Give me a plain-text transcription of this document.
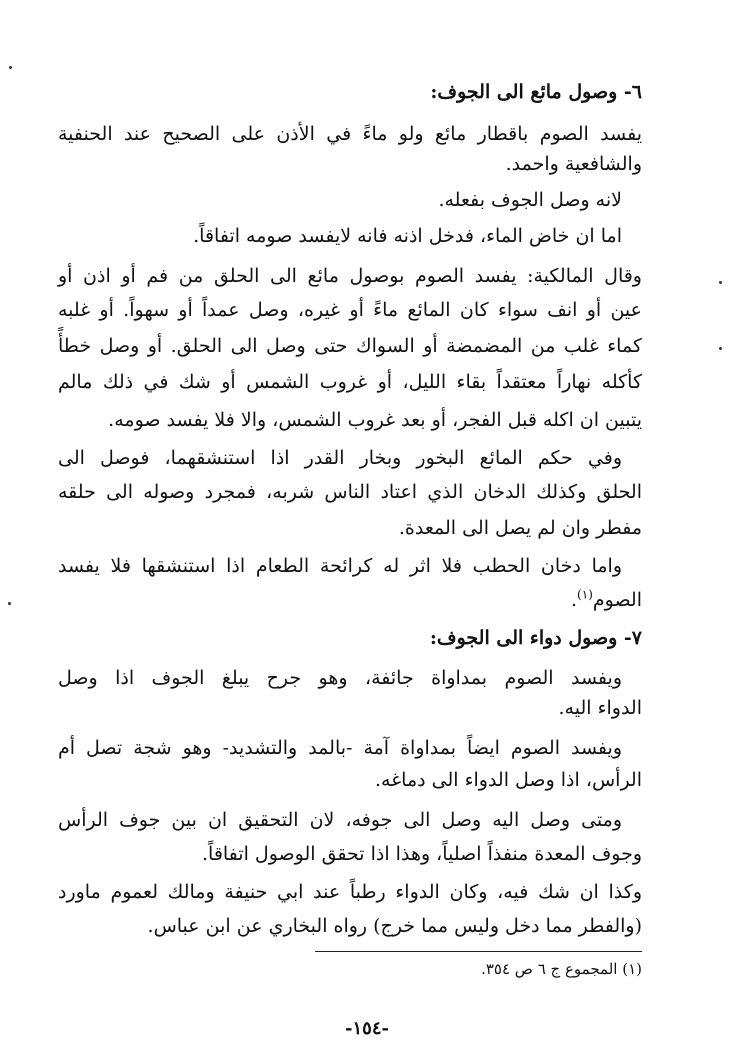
٦- وصول مائع الى الجوف:
يفسد الصوم باقطار مائع ولو ماءً في الأذن على الصحيح عند الحنفية
والشافعية واحمد.
لانه وصل الجوف بفعله.
اما ان خاض الماء، فدخل اذنه فانه لايفسد صومه اتفاقاً.
وقال المالكية: يفسد الصوم بوصول مائع الى الحلق من فم أو اذن أو
عين أو انف سواء كان المائع ماءً أو غيره، وصل عمداً أو سهواً. أو غلبه
كماء غلب من المضمضة أو السواك حتى وصل الى الحلق. أو وصل خطأً
كأكله نهاراً معتقداً بقاء الليل، أو غروب الشمس أو شك في ذلك مالم
يتبين ان اكله قبل الفجر، أو بعد غروب الشمس، والا فلا يفسد صومه.
وفي حكم المائع البخور وبخار القدر اذا استنشقهما، فوصل الى
الحلق وكذلك الدخان الذي اعتاد الناس شربه، فمجرد وصوله الى حلقه
مفطر وان لم يصل الى المعدة.
واما دخان الحطب فلا اثر له كرائحة الطعام اذا استنشقها فلا يفسد
الصوم$^{(١)}$.
٧- وصول دواء الى الجوف:
ويفسد الصوم بمداواة جائفة، وهو جرح يبلغ الجوف اذا وصل
الدواء اليه.
ويفسد الصوم ايضاً بمداواة آمة -بالمد والتشديد- وهو شجة تصل أم
الرأس، اذا وصل الدواء الى دماغه.
ومتى وصل اليه وصل الى جوفه، لان التحقيق ان بين جوف الرأس
وجوف المعدة منفذاً اصلياً، وهذا اذا تحقق الوصول اتفاقاً.
وكذا ان شك فيه، وكان الدواء رطباً عند ابي حنيفة ومالك لعموم ماورد
(والفطر مما دخل وليس مما خرج) رواه البخاري عن ابن عباس.
(١) المجموع ج ٦ ص ٣٥٤.
-١٥٤-
